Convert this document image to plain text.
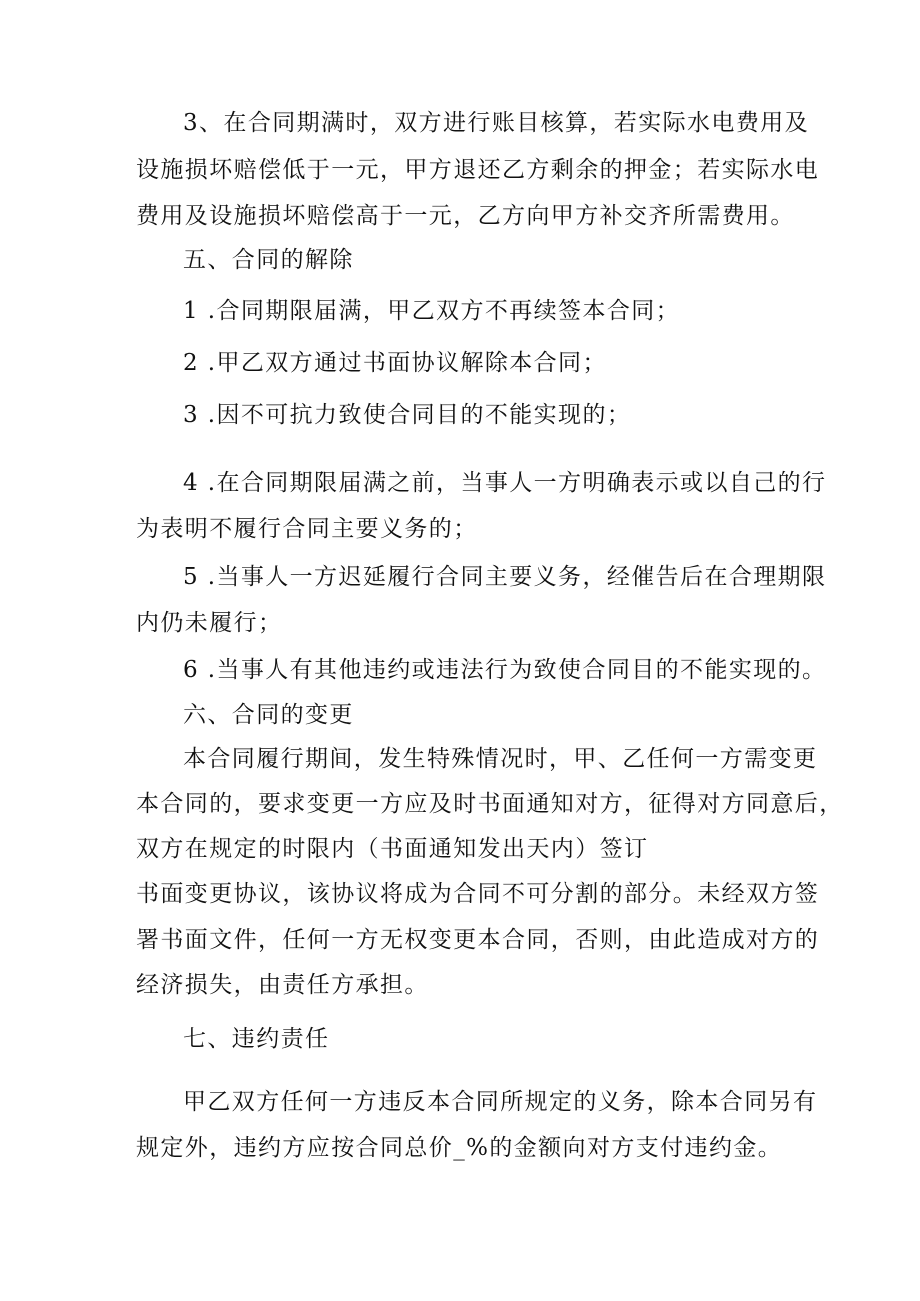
3、在合同期满时，双方进行账目核算，若实际水电费用及

设施损坏赔偿低于一元，甲方退还乙方剩余的押金；若实际水电

费用及设施损坏赔偿高于一元，乙方向甲方补交齐所需费用。

五、合同的解除

1 .合同期限届满，甲乙双方不再续签本合同；

2 .甲乙双方通过书面协议解除本合同；

3 .因不可抗力致使合同目的不能实现的；

4 .在合同期限届满之前，当事人一方明确表示或以自己的行

为表明不履行合同主要义务的；

5 .当事人一方迟延履行合同主要义务，经催告后在合理期限

内仍未履行；

6 .当事人有其他违约或违法行为致使合同目的不能实现的。

六、合同的变更

本合同履行期间，发生特殊情况时，甲、乙任何一方需变更

本合同的，要求变更一方应及时书面通知对方，征得对方同意后，

双方在规定的时限内（书面通知发出天内）签订

书面变更协议，该协议将成为合同不可分割的部分。未经双方签

署书面文件，任何一方无权变更本合同，否则，由此造成对方的

经济损失，由责任方承担。

七、违约责任

甲乙双方任何一方违反本合同所规定的义务，除本合同另有

规定外，违约方应按合同总价_%的金额向对方支付违约金。
